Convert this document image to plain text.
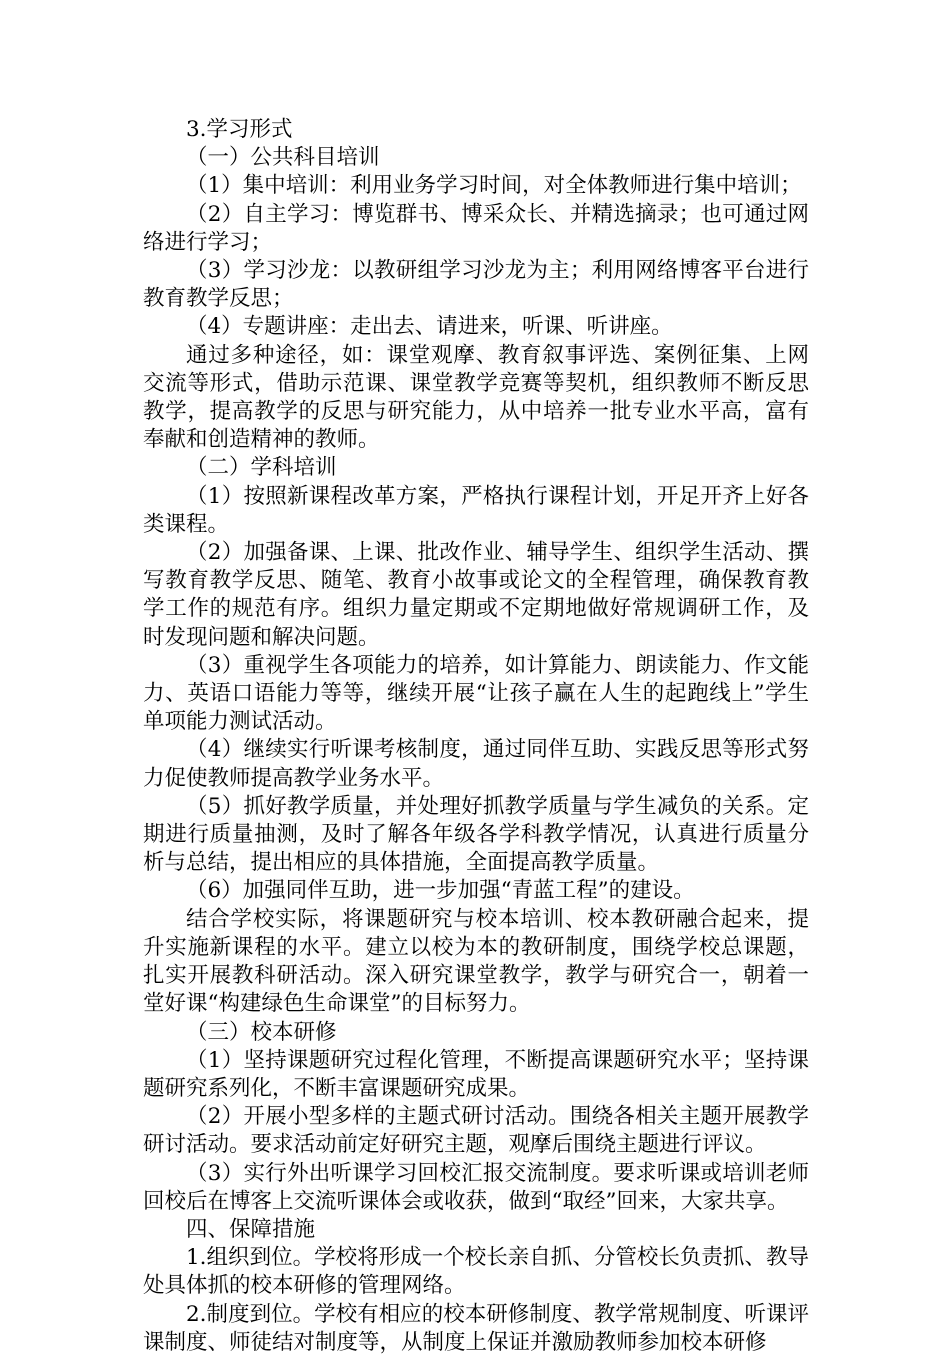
3.学习形式

（一）公共科目培训

（1）集中培训：利用业务学习时间，对全体教师进行集中培训；

（2）自主学习：博览群书、博采众长、并精选摘录；也可通过网络进行学习；

（3）学习沙龙：以教研组学习沙龙为主；利用网络博客平台进行教育教学反思；

（4）专题讲座：走出去、请进来，听课、听讲座。

通过多种途径，如：课堂观摩、教育叙事评选、案例征集、上网交流等形式，借助示范课、课堂教学竞赛等契机，组织教师不断反思教学，提高教学的反思与研究能力，从中培养一批专业水平高，富有奉献和创造精神的教师。

（二）学科培训

（1）按照新课程改革方案，严格执行课程计划，开足开齐上好各类课程。

（2）加强备课、上课、批改作业、辅导学生、组织学生活动、撰写教育教学反思、随笔、教育小故事或论文的全程管理，确保教育教学工作的规范有序。组织力量定期或不定期地做好常规调研工作，及时发现问题和解决问题。

（3）重视学生各项能力的培养，如计算能力、朗读能力、作文能力、英语口语能力等等，继续开展“让孩子赢在人生的起跑线上”学生单项能力测试活动。

（4）继续实行听课考核制度，通过同伴互助、实践反思等形式努力促使教师提高教学业务水平。

（5）抓好教学质量，并处理好抓教学质量与学生减负的关系。定期进行质量抽测，及时了解各年级各学科教学情况，认真进行质量分析与总结，提出相应的具体措施，全面提高教学质量。

（6）加强同伴互助，进一步加强“青蓝工程”的建设。

结合学校实际，将课题研究与校本培训、校本教研融合起来，提升实施新课程的水平。建立以校为本的教研制度，围绕学校总课题，扎实开展教科研活动。深入研究课堂教学，教学与研究合一，朝着一堂好课“构建绿色生命课堂”的目标努力。

（三）校本研修

（1）坚持课题研究过程化管理，不断提高课题研究水平；坚持课题研究系列化，不断丰富课题研究成果。

（2）开展小型多样的主题式研讨活动。围绕各相关主题开展教学研讨活动。要求活动前定好研究主题，观摩后围绕主题进行评议。

（3）实行外出听课学习回校汇报交流制度。要求听课或培训老师回校后在博客上交流听课体会或收获，做到“取经”回来，大家共享。

四、保障措施

1.组织到位。学校将形成一个校长亲自抓、分管校长负责抓、教导处具体抓的校本研修的管理网络。

2.制度到位。学校有相应的校本研修制度、教学常规制度、听课评课制度、师徒结对制度等，从制度上保证并激励教师参加校本研修
